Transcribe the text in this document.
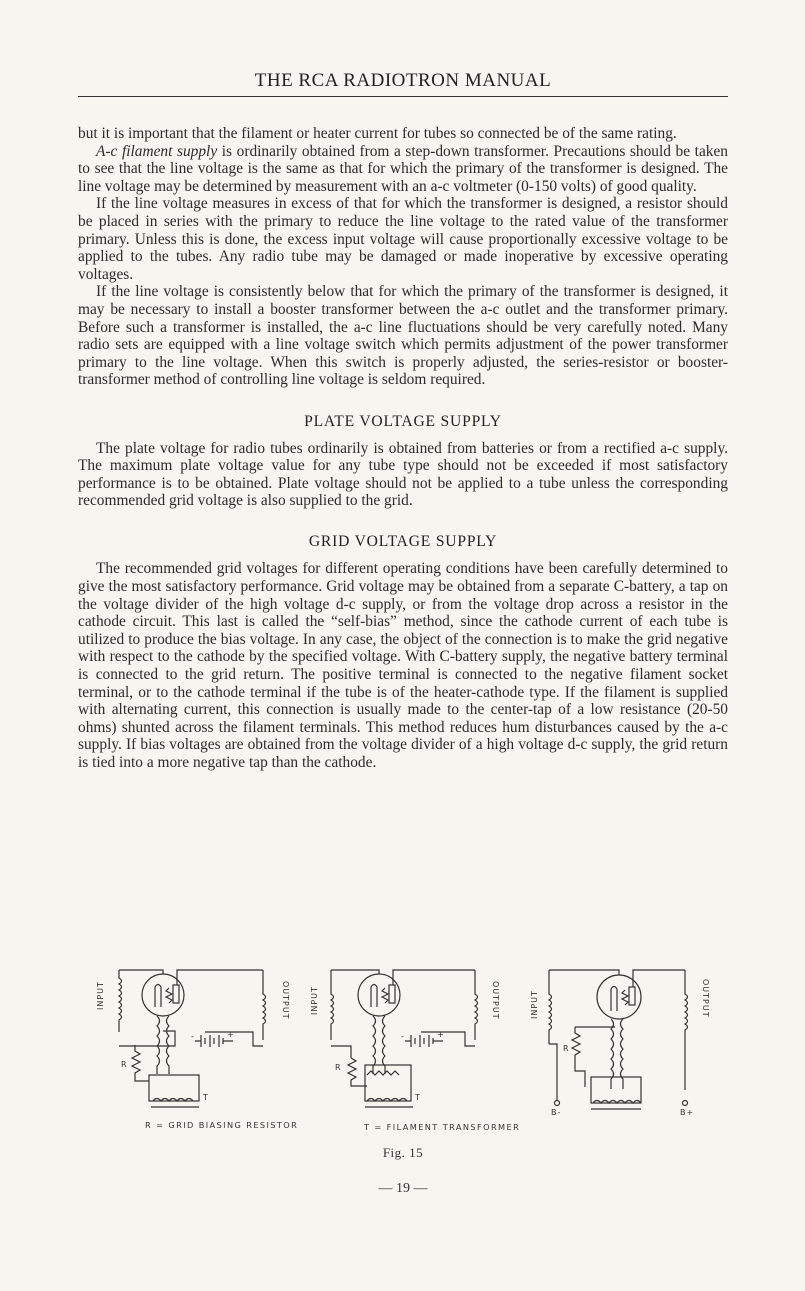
THE RCA RADIOTRON MANUAL

but it is important that the filament or heater current for tubes so connected be of the same rating.

A-c filament supply is ordinarily obtained from a step-down transformer. Precautions should be taken to see that the line voltage is the same as that for which the primary of the transformer is designed. The line voltage may be determined by measurement with an a-c voltmeter (0-150 volts) of good quality.

If the line voltage measures in excess of that for which the transformer is designed, a resistor should be placed in series with the primary to reduce the line voltage to the rated value of the transformer primary. Unless this is done, the excess input voltage will cause proportionally excessive voltage to be applied to the tubes. Any radio tube may be damaged or made inoperative by excessive operating voltages.

If the line voltage is consistently below that for which the primary of the transformer is designed, it may be necessary to install a booster transformer between the a-c outlet and the transformer primary. Before such a transformer is installed, the a-c line fluctuations should be very carefully noted. Many radio sets are equipped with a line voltage switch which permits adjustment of the power transformer primary to the line voltage. When this switch is properly adjusted, the series-resistor or booster-transformer method of controlling line voltage is seldom required.

PLATE VOLTAGE SUPPLY

The plate voltage for radio tubes ordinarily is obtained from batteries or from a rectified a-c supply. The maximum plate voltage value for any tube type should not be exceeded if most satisfactory performance is to be obtained. Plate voltage should not be applied to a tube unless the corresponding recommended grid voltage is also supplied to the grid.

GRID VOLTAGE SUPPLY

The recommended grid voltages for different operating conditions have been carefully determined to give the most satisfactory performance. Grid voltage may be obtained from a separate C-battery, a tap on the voltage divider of the high voltage d-c supply, or from the voltage drop across a resistor in the cathode circuit. This last is called the “self-bias” method, since the cathode current of each tube is utilized to produce the bias voltage. In any case, the object of the connection is to make the grid negative with respect to the cathode by the specified voltage. With C-battery supply, the negative battery terminal is connected to the grid return. The positive terminal is connected to the negative filament socket terminal, or to the cathode terminal if the tube is of the heater-cathode type. If the filament is supplied with alternating current, this connection is usually made to the center-tap of a low resistance (20-50 ohms) shunted across the filament terminals. This method reduces hum disturbances caused by the a-c supply. If bias voltages are obtained from the voltage divider of a high voltage d-c supply, the grid return is tied into a more negative tap than the cathode.

INPUT	OUTPUT
R
T
-	+
INPUT	OUTPUT
R
T
-	+
INPUT	OUTPUT
R
B-	B+
R = GRID BIASING RESISTOR	T = FILAMENT TRANSFORMER
Fig. 15
— 19 —
